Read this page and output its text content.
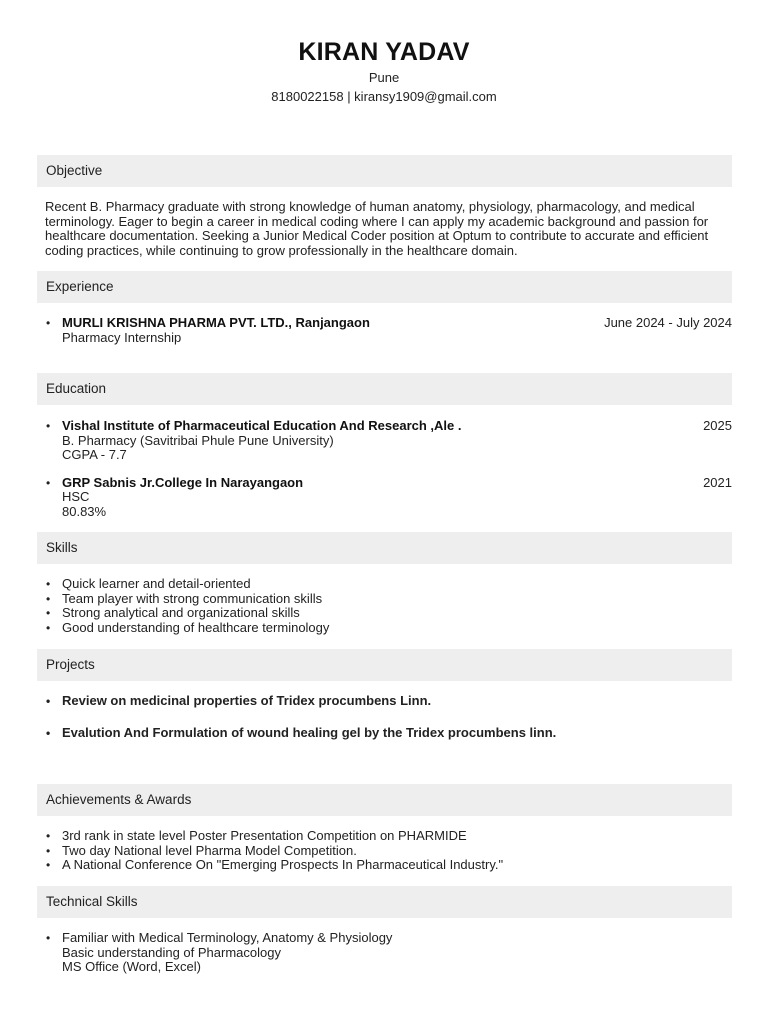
KIRAN YADAV
Pune
8180022158 | kiransy1909@gmail.com
Objective
Recent B. Pharmacy graduate with strong knowledge of human anatomy, physiology, pharmacology, and medical terminology. Eager to begin a career in medical coding where I can apply my academic background and passion for healthcare documentation. Seeking a Junior Medical Coder position at Optum to contribute to accurate and efficient coding practices, while continuing to grow professionally in the healthcare domain.
Experience
• MURLI KRISHNA PHARMA PVT. LTD., Ranjangaon	June 2024 - July 2024
Pharmacy Internship
Education
• Vishal Institute of Pharmaceutical Education And Research ,Ale .	2025
B. Pharmacy (Savitribai Phule Pune University)
CGPA - 7.7
• GRP Sabnis Jr.College In Narayangaon	2021
HSC
80.83%
Skills
• Quick learner and detail-oriented
• Team player with strong communication skills
• Strong analytical and organizational skills
• Good understanding of healthcare terminology
Projects
• Review on medicinal properties of Tridex procumbens Linn.
• Evalution And Formulation of wound healing gel by the Tridex procumbens linn.
Achievements & Awards
• 3rd rank in state level Poster Presentation Competition on PHARMIDE
• Two day National level Pharma Model Competition.
• A National Conference On "Emerging Prospects In Pharmaceutical Industry."
Technical Skills
• Familiar with Medical Terminology, Anatomy & Physiology
Basic understanding of Pharmacology
MS Office (Word, Excel)
